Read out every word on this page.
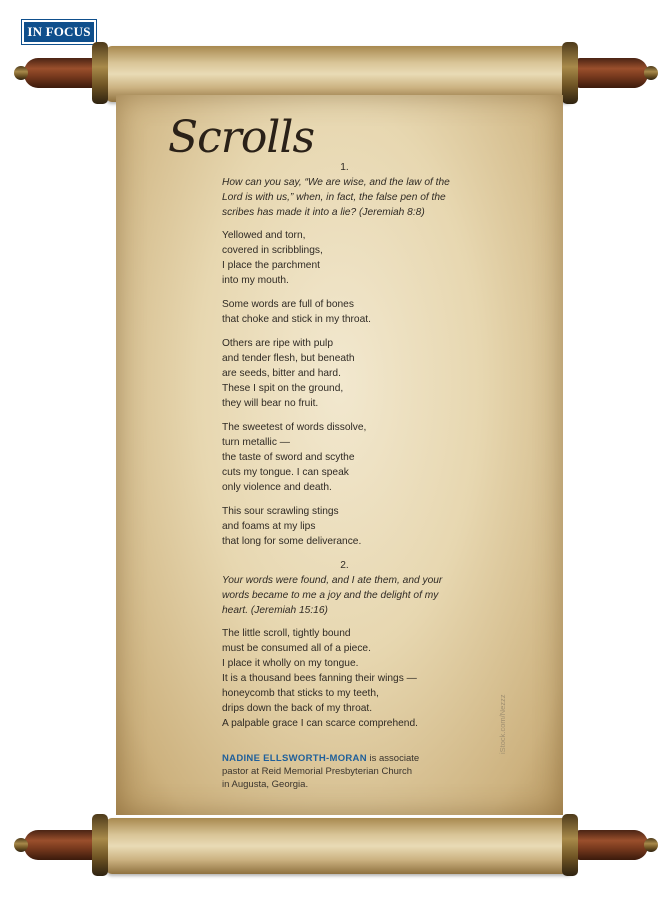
IN FOCUS
Scrolls

1.

How can you say, “We are wise, and the law of the
Lord is with us,” when, in fact, the false pen of the
scribes has made it into a lie? (Jeremiah 8:8)

Yellowed and torn,
covered in scribblings,
I place the parchment
into my mouth.

Some words are full of bones
that choke and stick in my throat.

Others are ripe with pulp
and tender flesh, but beneath
are seeds, bitter and hard.
These I spit on the ground,
they will bear no fruit.

The sweetest of words dissolve,
turn metallic —
the taste of sword and scythe
cuts my tongue. I can speak
only violence and death.

This sour scrawling stings
and foams at my lips
that long for some deliverance.

2.

Your words were found, and I ate them, and your
words became to me a joy and the delight of my
heart. (Jeremiah 15:16)

The little scroll, tightly bound
must be consumed all of a piece.
I place it wholly on my tongue.
It is a thousand bees fanning their wings —
honeycomb that sticks to my teeth,
drips down the back of my throat.
A palpable grace I can scarce comprehend.

NADINE ELLSWORTH-MORAN is associate
pastor at Reid Memorial Presbyterian Church
in Augusta, Georgia.
iStock.com/Nezzz
